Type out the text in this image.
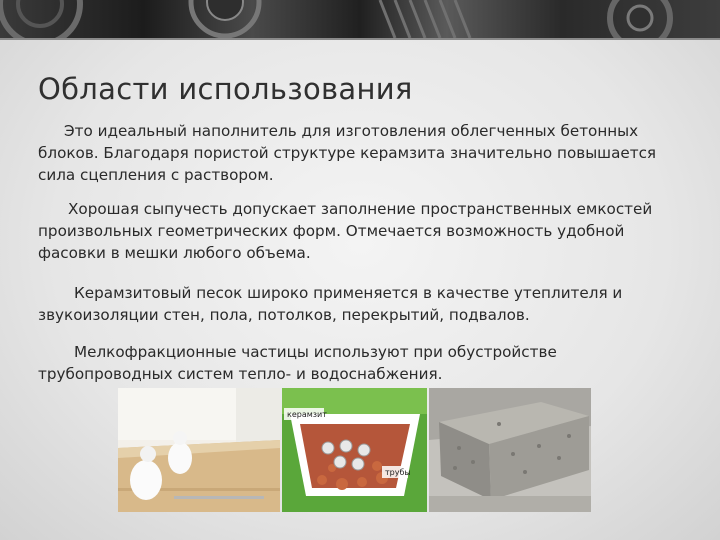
Области использования

Это идеальный наполнитель для изготовления облегченных бетонных блоков. Благодаря пористой структуре керамзита значительно повышается сила сцепления с раствором.

Хорошая сыпучесть допускает заполнение пространственных емкостей произвольных геометрических форм. Отмечается возможность удобной фасовки в мешки любого объема.

Керамзитовый песок широко применяется в качестве утеплителя и звукоизоляции стен, пола, потолков, перекрытий, подвалов.

Мелкофракционные частицы используют при обустройстве трубопроводных систем тепло- и водоснабжения.

керамзит
трубы
